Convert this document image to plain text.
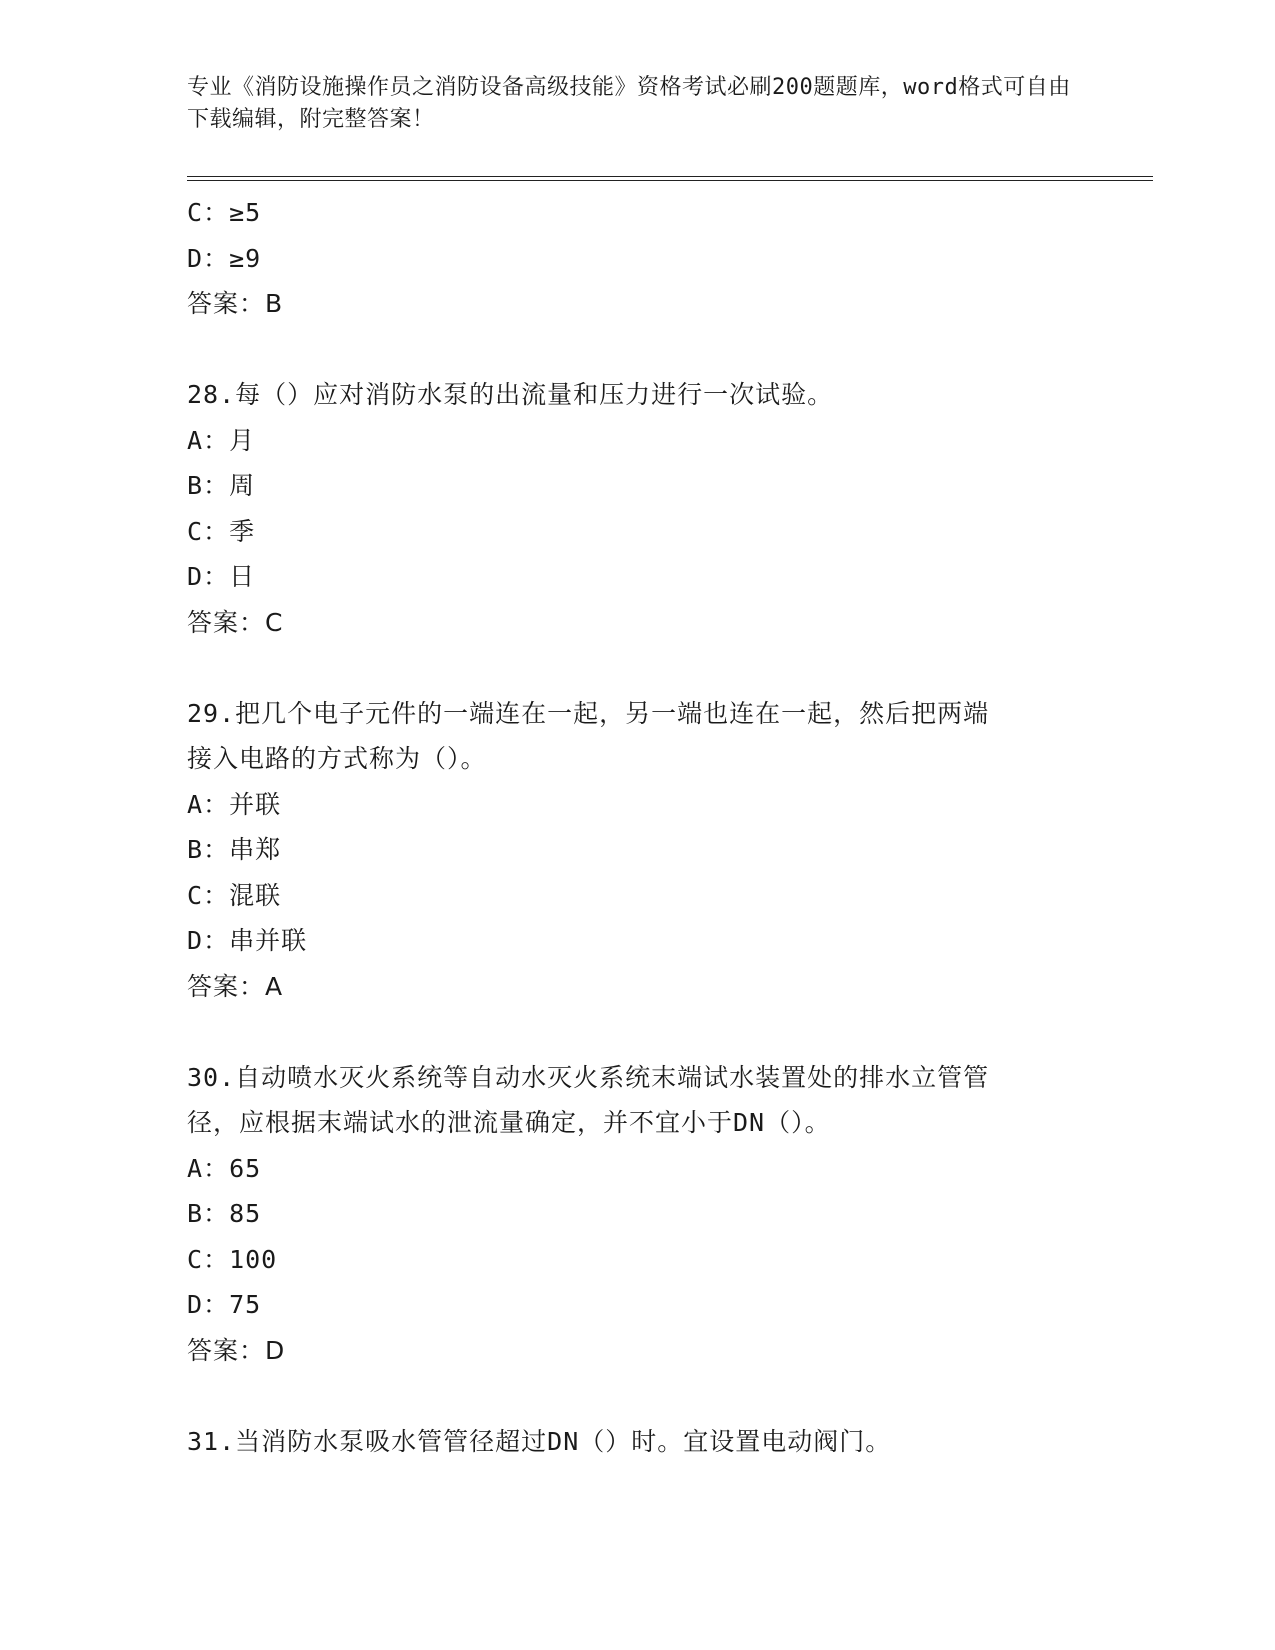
专业《消防设施操作员之消防设备高级技能》资格考试必刷200题题库，word格式可自由下载编辑，附完整答案！
C：≥5
D：≥9
答案：B
28.每（）应对消防水泵的出流量和压力进行一次试验。
A：月
B：周
C：季
D：日
答案：C
29.把几个电子元件的一端连在一起，另一端也连在一起，然后把两端
接入电路的方式称为（）。
A：并联
B：串郑
C：混联
D：串并联
答案：A
30.自动喷水灭火系统等自动水灭火系统末端试水装置处的排水立管管
径，应根据末端试水的泄流量确定，并不宜小于DN（）。
A：65
B：85
C：100
D：75
答案：D
31.当消防水泵吸水管管径超过DN（）时。宜设置电动阀门。
